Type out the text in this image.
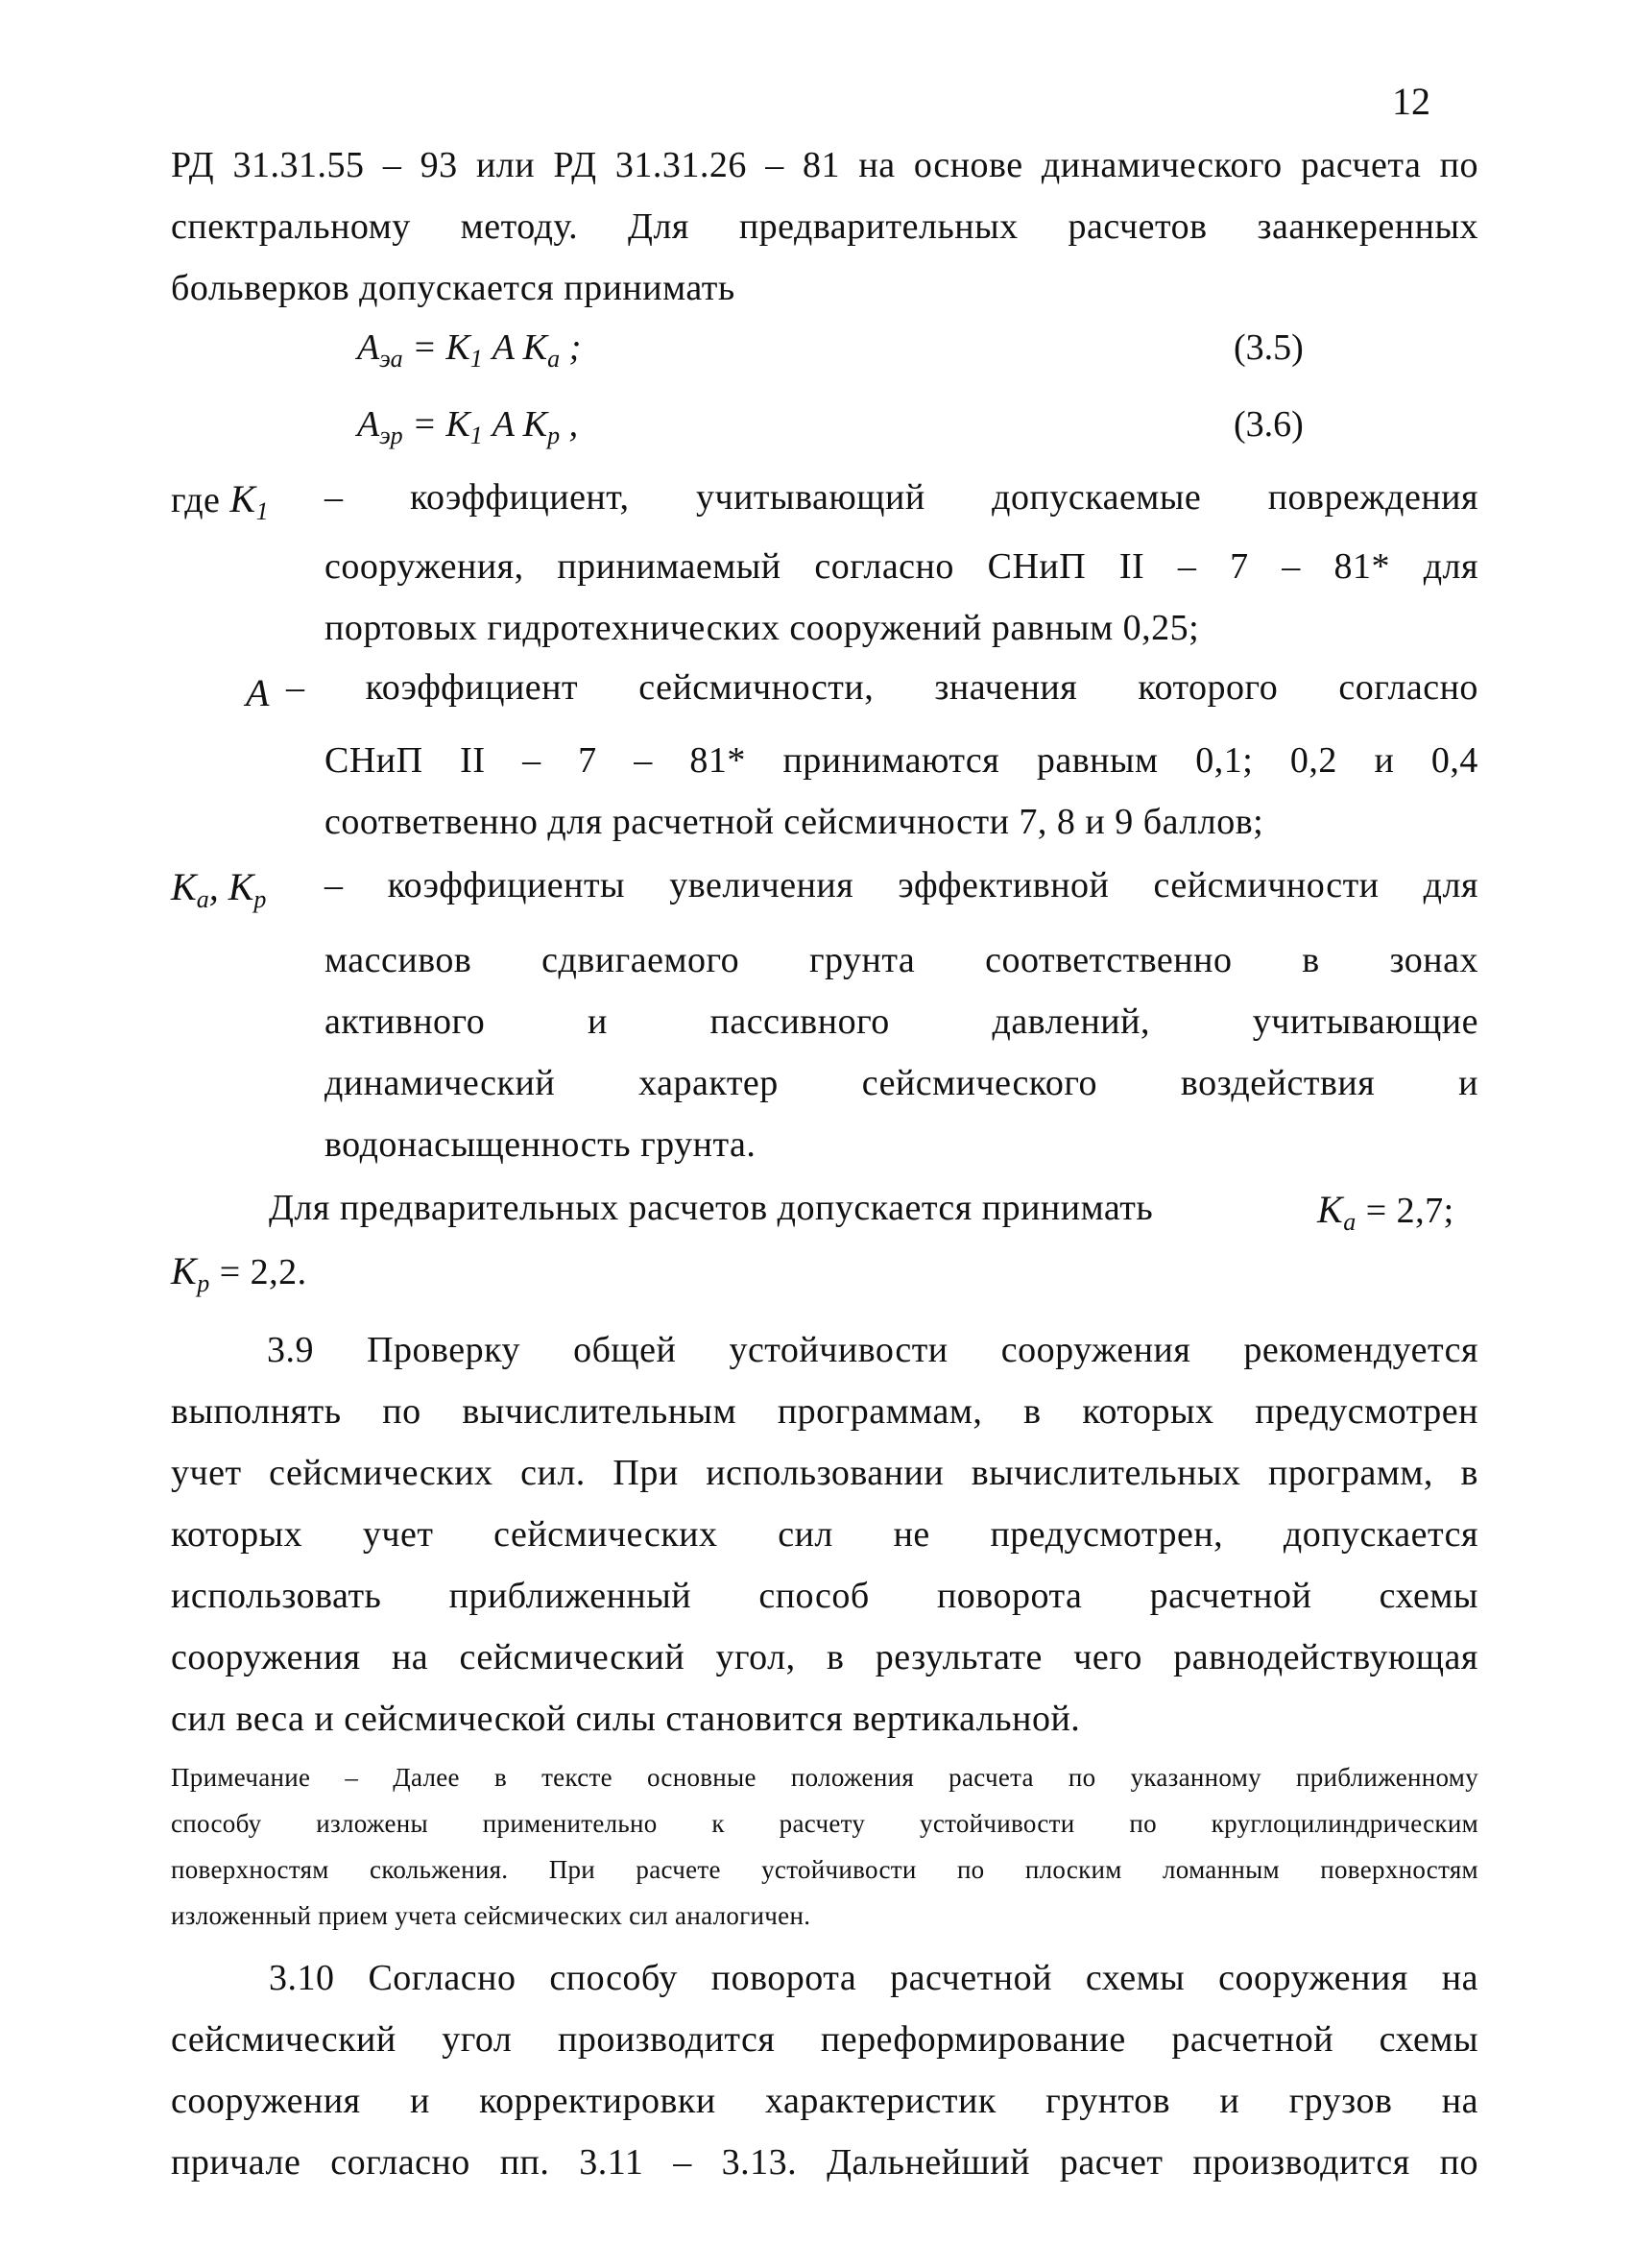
12
РД 31.31.55 – 93 или РД 31.31.26 – 81 на основе динамического расчета по
спектральному методу. Для предварительных расчетов заанкеренных
больверков допускается принимать
$A_{эа} = K_1$ A $K_a$ ;	(3.5)
$A_{эр} = K_1$ A $K_p$ ,	(3.6)
где $K_1$ – коэффициент, учитывающий допускаемые повреждения
сооружения, принимаемый согласно СНиП II – 7 – 81* для
портовых гидротехнических сооружений равным 0,25;
A – коэффициент сейсмичности, значения которого согласно
СНиП II – 7 – 81* принимаются равным 0,1; 0,2 и 0,4
соответвенно для расчетной сейсмичности 7, 8 и 9 баллов;
Ka, Kp – коэффициенты увеличения эффективной сейсмичности для
массивов сдвигаемого грунта соответственно в зонах
активного	и	пассивного	давлений,	учитывающие
динамический характер сейсмического воздействия и
водонасыщенность грунта.
Для предварительных расчетов допускается принимать	$K_a = 2,7$;
$K_p = 2,2$.
3.9 Проверку общей устойчивости сооружения рекомендуется
выполнять по вычислительным программам, в которых предусмотрен
учет сейсмических сил. При использовании вычислительных программ, в
которых учет сейсмических сил не предусмотрен, допускается
использовать приближенный способ поворота расчетной схемы
сооружения на сейсмический угол, в результате чего равнодействующая
сил веса и сейсмической силы становится вертикальной.
Примечание – Далее в тексте основные положения расчета по указанному приближенному
способу изложены применительно к расчету устойчивости по круглоцилиндрическим
поверхностям скольжения. При расчете устойчивости по плоским ломанным поверхностям
изложенный прием учета сейсмических сил аналогичен.
3.10 Согласно способу поворота расчетной схемы сооружения на
сейсмический угол производится переформирование расчетной схемы
сооружения и корректировки характеристик грунтов и грузов на
причале согласно пп. 3.11 – 3.13. Дальнейший расчет производится по
